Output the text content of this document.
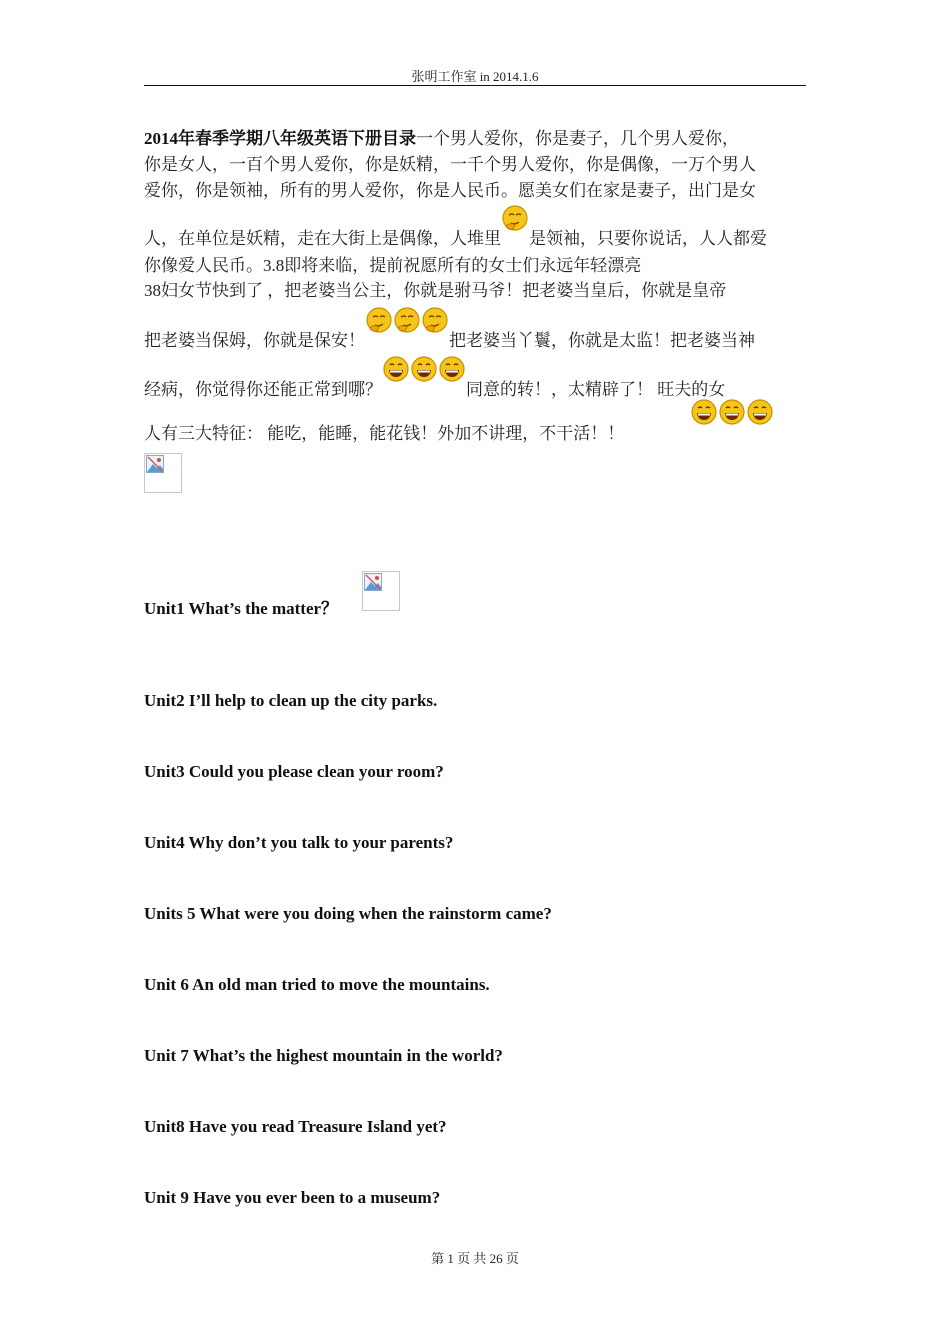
张明工作室 in 2014.1.6
2014年春季学期八年级英语下册目录一个男人爱你，你是妻子，几个男人爱你，
你是女人，一百个男人爱你，你是妖精，一千个男人爱你，你是偶像，一万个男人
爱你，你是领袖，所有的男人爱你，你是人民币。愿美女们在家是妻子，出门是女
人，在单位是妖精，走在大街上是偶像，人堆里 是领袖，只要你说话，人人都爱
你像爱人民币。3.8即将来临，提前祝愿所有的女士们永远年轻漂亮
38妇女节快到了 ，把老婆当公主，你就是驸马爷！把老婆当皇后，你就是皇帝
把老婆当保姆，你就是保安！	把老婆当丫鬟，你就是太监！把老婆当神
经病，你觉得你还能正常到哪？	同意的转！，太精辟了！ 旺夫的女
人有三大特征： 能吃，能睡，能花钱！外加不讲理，不干活！！
Unit1 What’s the matter？
Unit2 I’ll help to clean up the city parks.
Unit3 Could you please clean your room?
Unit4 Why don’t you talk to your parents?
Units 5 What were you doing when the rainstorm came?
Unit 6 An old man tried to move the mountains.
Unit 7 What’s the highest mountain in the world?
Unit8 Have you read Treasure Island yet?
Unit 9 Have you ever been to a museum?
第 1 页 共 26 页
